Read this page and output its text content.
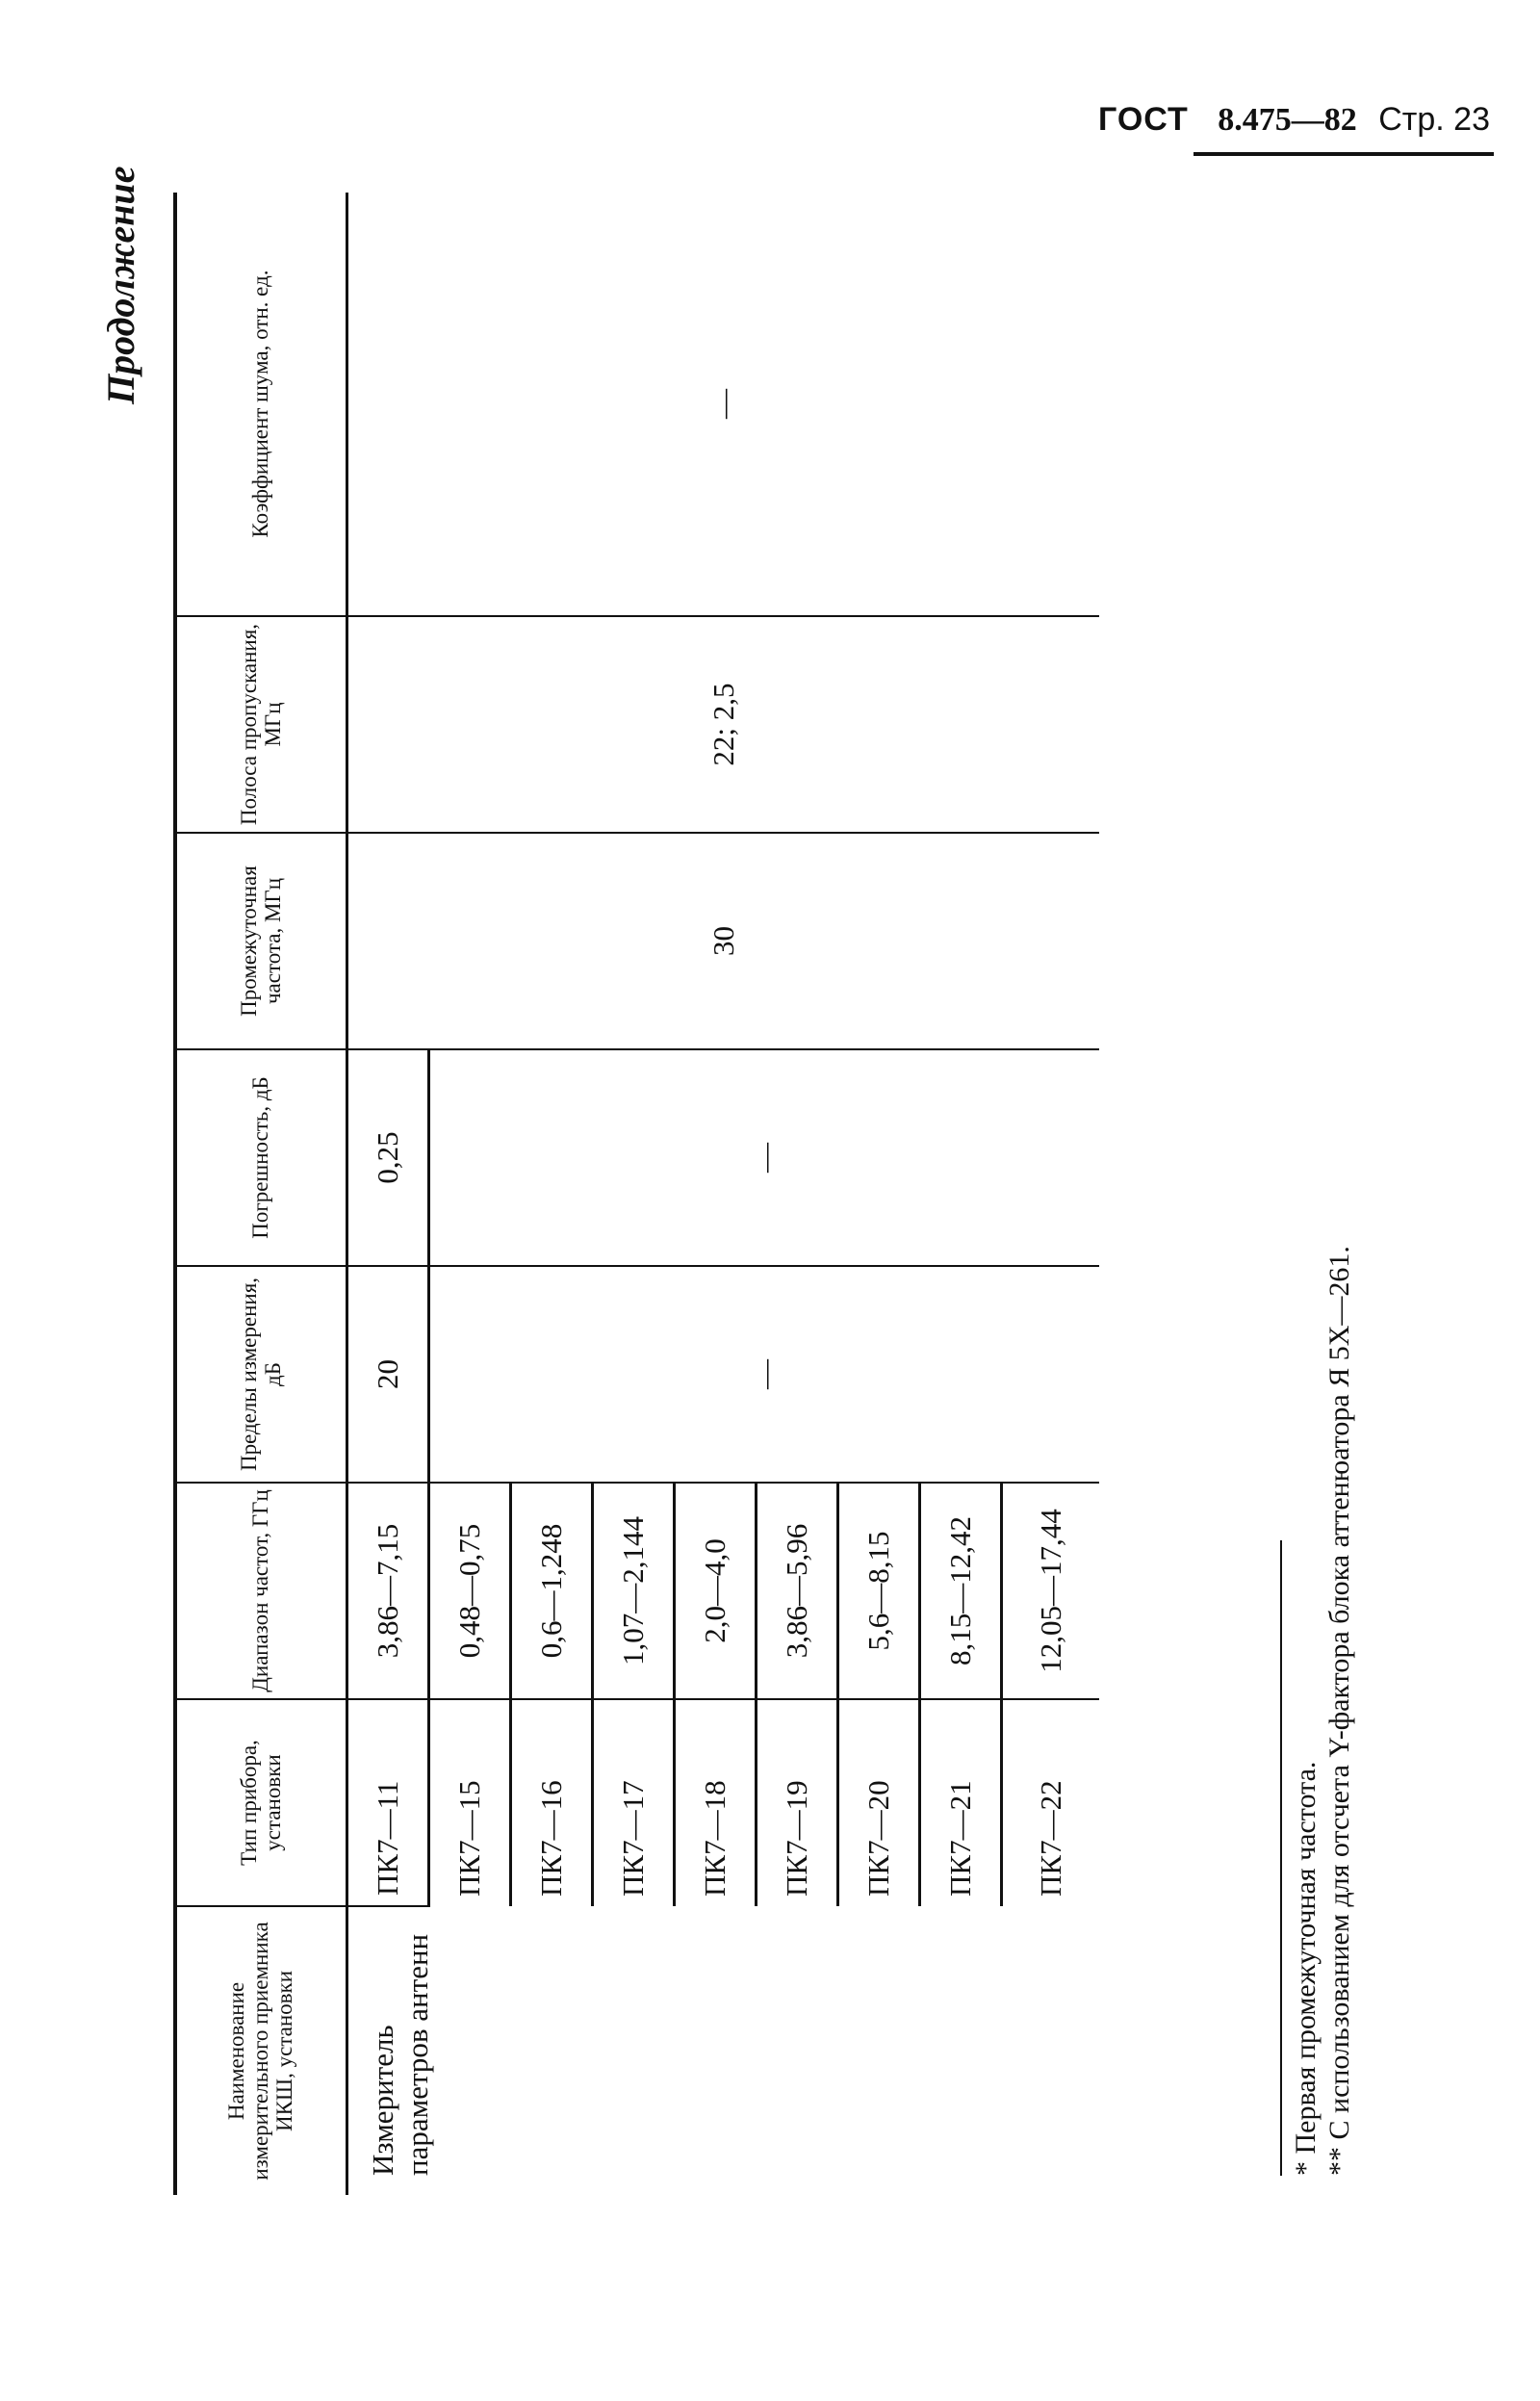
ГОСТ 8.475—82 Стр. 23
Продолжение
Наименование измерительного приемника ИКШ, установки	Тип прибора, установки	Диапазон частот, ГГц	Пределы измерения, дБ	Погрешность, дБ	Промежуточная частота, МГц	Полоса пропускания, МГц	Коэффициент шума, отн. ед.
Измеритель параметров антенн	ПК7—11	3,86—7,15	20	0,25	30	22; 2,5	—
	ПК7—15	0,48—0,75	—	—			
	ПК7—16	0,6—1,248					
	ПК7—17	1,07—2,144					
	ПК7—18	2,0—4,0					
	ПК7—19	3,86—5,96					
	ПК7—20	5,6—8,15					
	ПК7—21	8,15—12,42					
	ПК7—22	12,05—17,44					
* Первая промежуточная частота. ** С использованием для отсчета Y-фактора блока аттенюатора Я 5Х—261.
